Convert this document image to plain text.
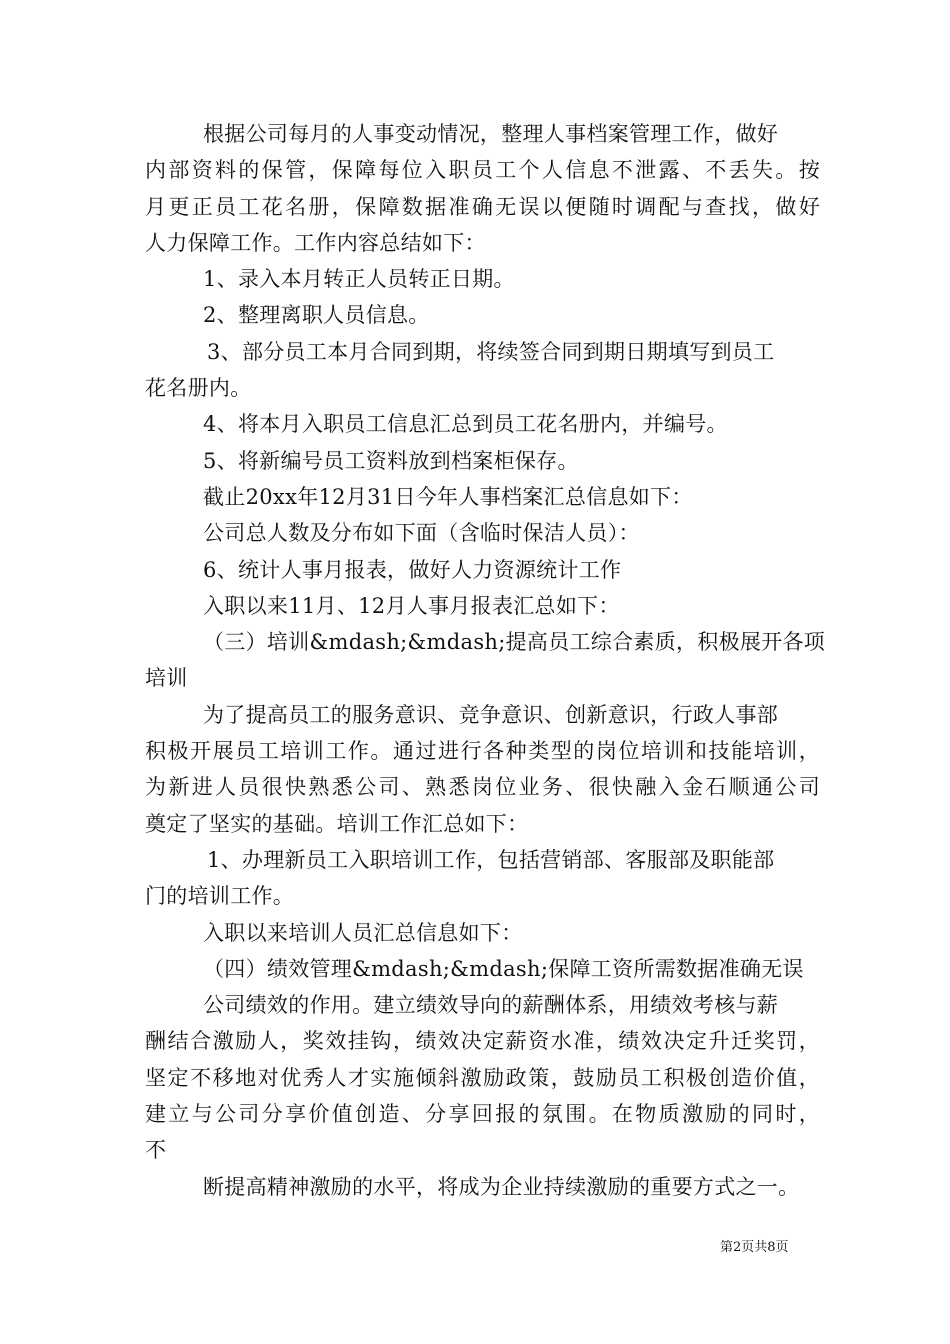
根据公司每月的人事变动情况，整理人事档案管理工作，做好
内部资料的保管，保障每位入职员工个人信息不泄露、不丢失。按
月更正员工花名册，保障数据准确无误以便随时调配与查找，做好
人力保障工作。工作内容总结如下：
1、录入本月转正人员转正日期。
2、整理离职人员信息。
3、部分员工本月合同到期，将续签合同到期日期填写到员工
花名册内。
4、将本月入职员工信息汇总到员工花名册内，并编号。
5、将新编号员工资料放到档案柜保存。
截止20xx年12月31日今年人事档案汇总信息如下：
公司总人数及分布如下面（含临时保洁人员）：
6、统计人事月报表，做好人力资源统计工作
入职以来11月、12月人事月报表汇总如下：
（三）培训&mdash;&mdash;提高员工综合素质，积极展开各项
培训
为了提高员工的服务意识、竞争意识、创新意识，行政人事部
积极开展员工培训工作。通过进行各种类型的岗位培训和技能培训，
为新进人员很快熟悉公司、熟悉岗位业务、很快融入金石顺通公司
奠定了坚实的基础。培训工作汇总如下：
1、办理新员工入职培训工作，包括营销部、客服部及职能部
门的培训工作。
入职以来培训人员汇总信息如下：
（四）绩效管理&mdash;&mdash;保障工资所需数据准确无误
公司绩效的作用。建立绩效导向的薪酬体系，用绩效考核与薪
酬结合激励人，奖效挂钩，绩效决定薪资水准，绩效决定升迁奖罚，
坚定不移地对优秀人才实施倾斜激励政策，鼓励员工积极创造价值，
建立与公司分享价值创造、分享回报的氛围。在物质激励的同时，
不
断提高精神激励的水平，将成为企业持续激励的重要方式之一。
第2页共8页
